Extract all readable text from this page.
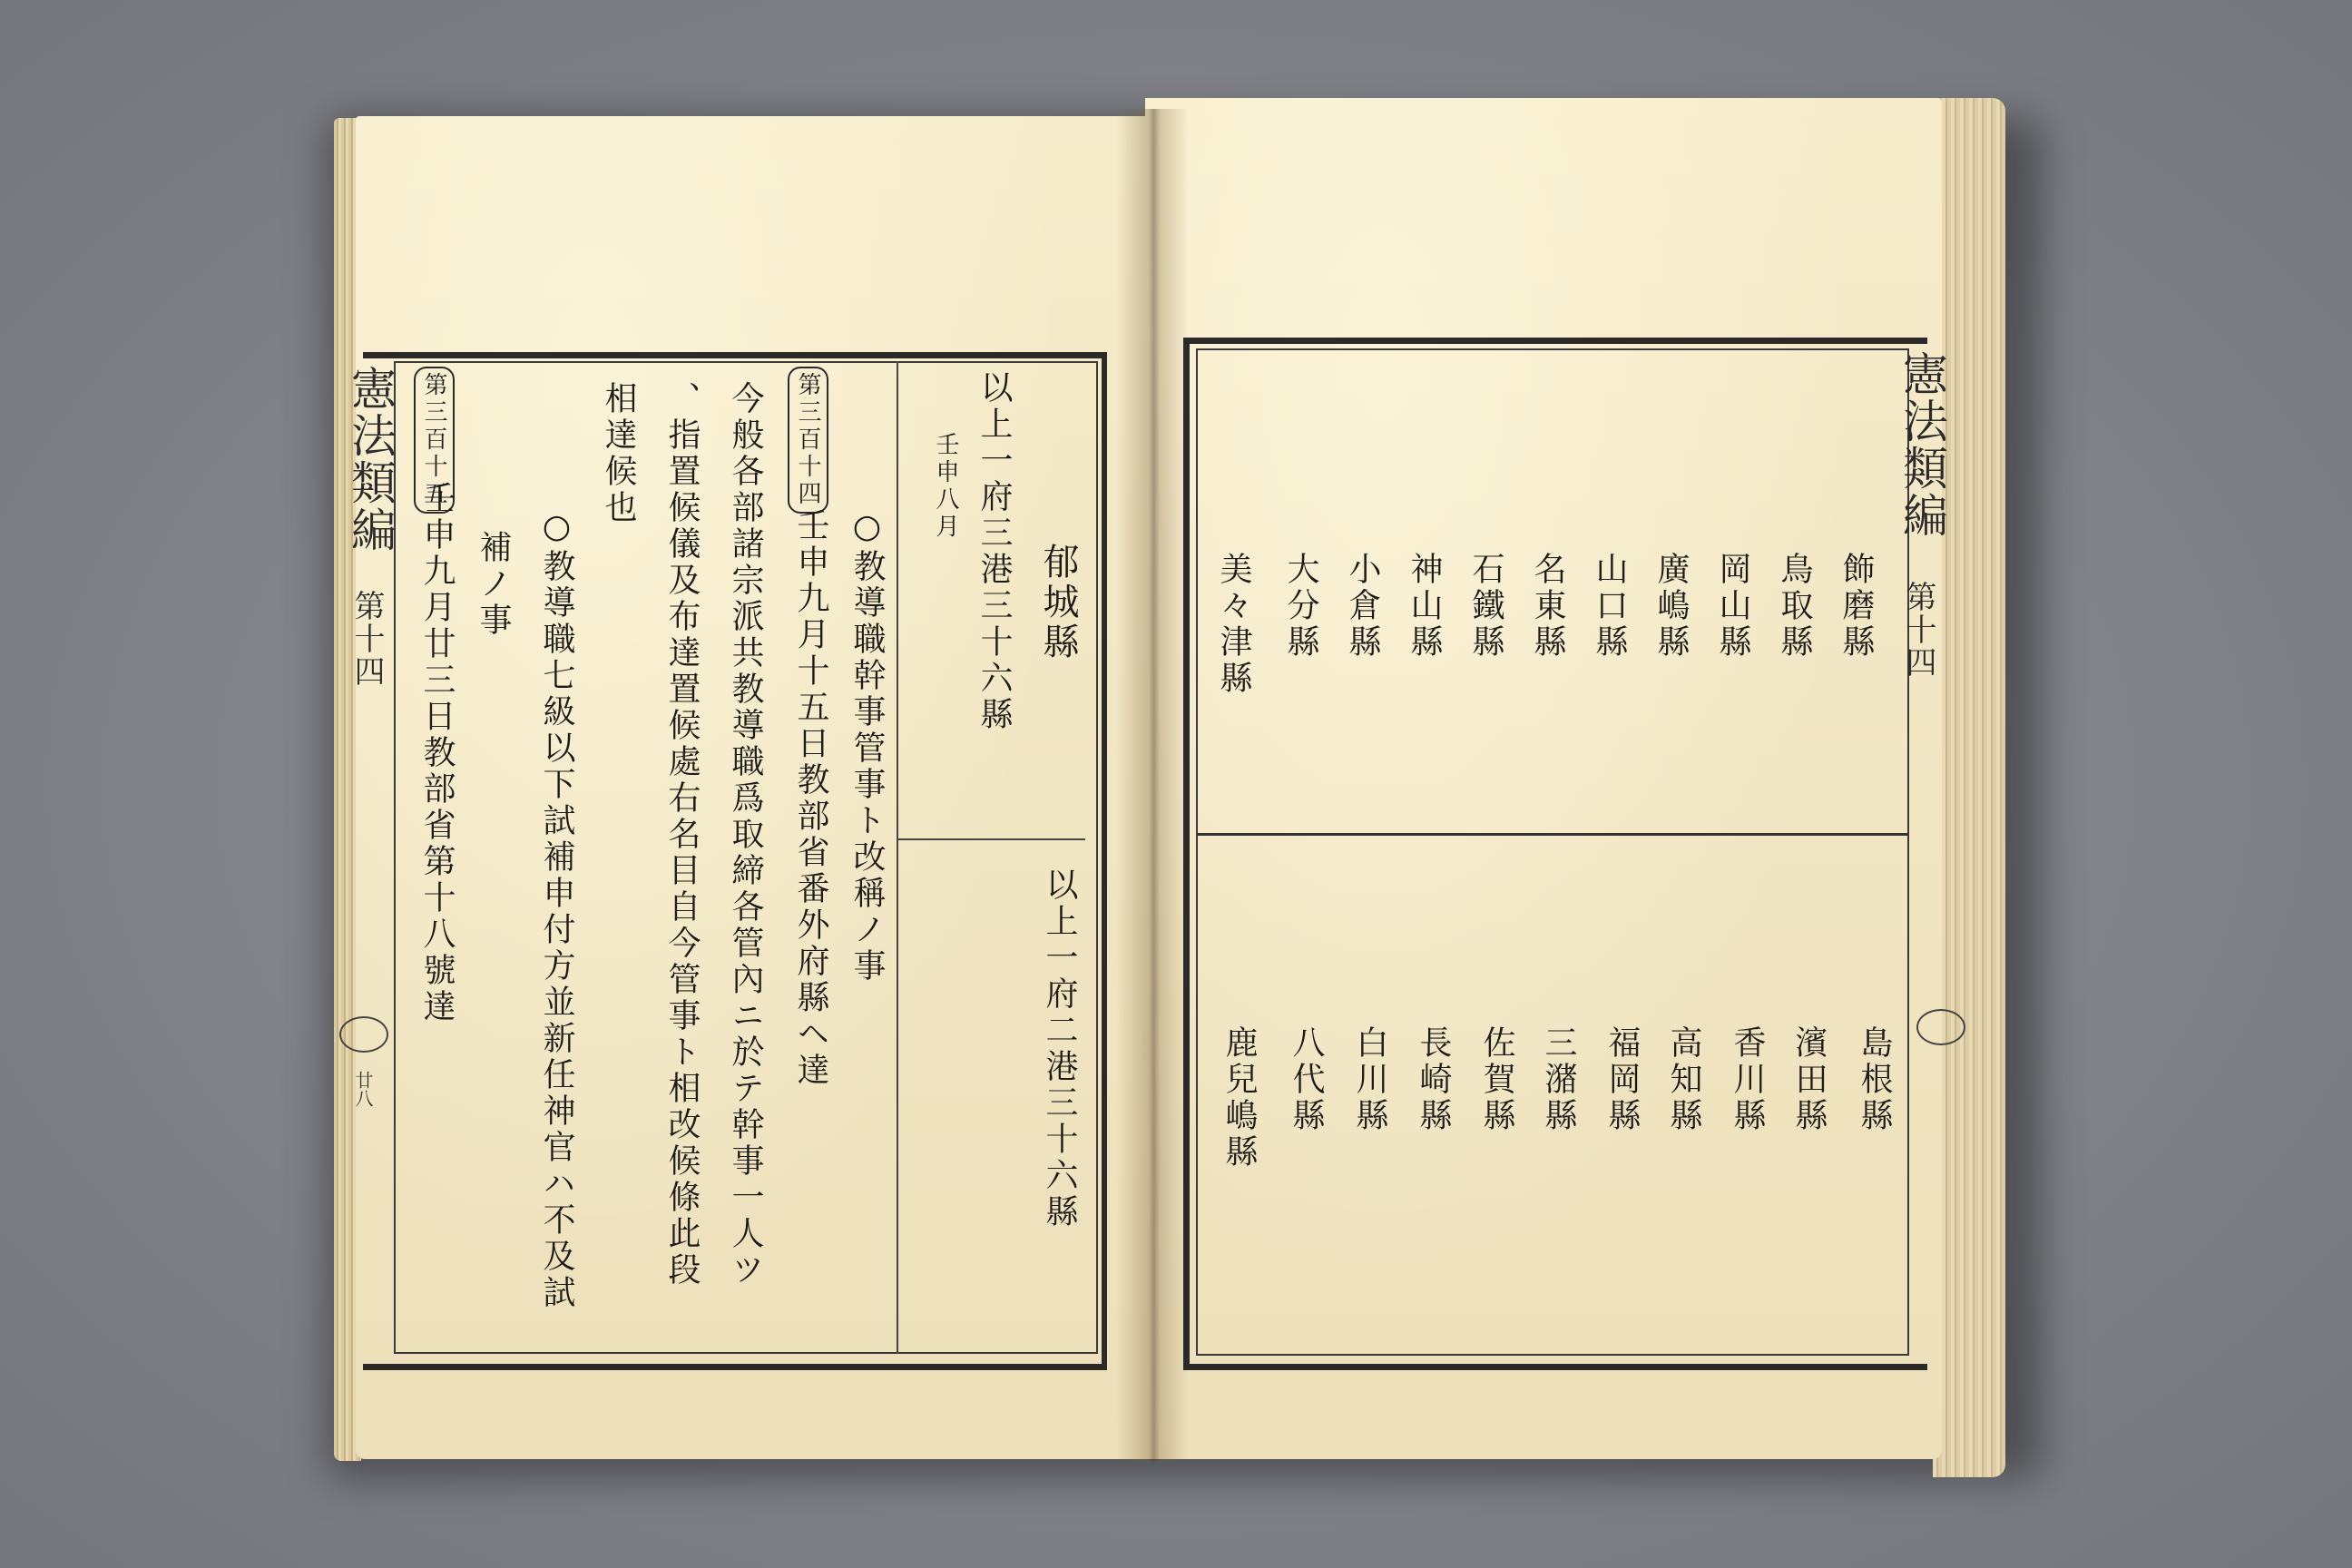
憲法類編
第十四
廿八
郁城縣
以上一府三港三十六縣
壬申八月
以上一府二港三十六縣
第三百十四
○教導職幹事管事ト改稱ノ事
壬申九月十五日教部省番外府縣ヘ達
今般各部諸宗派共教導職爲取締各管內ニ於テ幹事一人ツ
、指置候儀及布達置候處右名目自今管事ト相改候條此段
相達候也
第三百十五
○教導職七級以下試補申付方並新任神官ハ不及試
補ノ事
壬申九月廿三日教部省第十八號達
憲法類編
第十四
飾磨縣
鳥取縣
岡山縣
廣嶋縣
山口縣
名東縣
石鐵縣
神山縣
小倉縣
大分縣
美々津縣
島根縣
濱田縣
香川縣
高知縣
福岡縣
三潴縣
佐賀縣
長崎縣
白川縣
八代縣
鹿兒嶋縣
